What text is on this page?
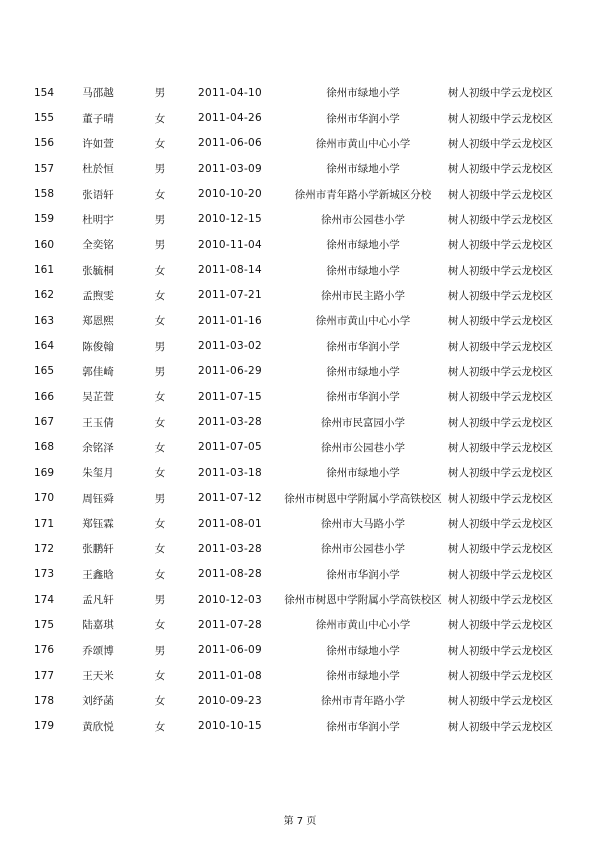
154	马邵越	男	2011-04-10	徐州市绿地小学	树人初级中学云龙校区
155	董子晴	女	2011-04-26	徐州市华润小学	树人初级中学云龙校区
156	许如萱	女	2011-06-06	徐州市黄山中心小学	树人初级中学云龙校区
157	杜於恒	男	2011-03-09	徐州市绿地小学	树人初级中学云龙校区
158	张语轩	女	2010-10-20	徐州市青年路小学新城区分校	树人初级中学云龙校区
159	杜明宇	男	2010-12-15	徐州市公园巷小学	树人初级中学云龙校区
160	全奕铭	男	2010-11-04	徐州市绿地小学	树人初级中学云龙校区
161	张毓桐	女	2011-08-14	徐州市绿地小学	树人初级中学云龙校区
162	孟煦雯	女	2011-07-21	徐州市民主路小学	树人初级中学云龙校区
163	郑恩熙	女	2011-01-16	徐州市黄山中心小学	树人初级中学云龙校区
164	陈俊翰	男	2011-03-02	徐州市华润小学	树人初级中学云龙校区
165	郭佳崎	男	2011-06-29	徐州市绿地小学	树人初级中学云龙校区
166	吴芷萱	女	2011-07-15	徐州市华润小学	树人初级中学云龙校区
167	王玉倩	女	2011-03-28	徐州市民富园小学	树人初级中学云龙校区
168	余铭泽	女	2011-07-05	徐州市公园巷小学	树人初级中学云龙校区
169	朱玺月	女	2011-03-18	徐州市绿地小学	树人初级中学云龙校区
170	周钰舜	男	2011-07-12	徐州市树恩中学附属小学高铁校区	树人初级中学云龙校区
171	郑钰霖	女	2011-08-01	徐州市大马路小学	树人初级中学云龙校区
172	张鹏轩	女	2011-03-28	徐州市公园巷小学	树人初级中学云龙校区
173	王鑫晗	女	2011-08-28	徐州市华润小学	树人初级中学云龙校区
174	孟凡轩	男	2010-12-03	徐州市树恩中学附属小学高铁校区	树人初级中学云龙校区
175	陆嘉琪	女	2011-07-28	徐州市黄山中心小学	树人初级中学云龙校区
176	乔颂博	男	2011-06-09	徐州市绿地小学	树人初级中学云龙校区
177	王天米	女	2011-01-08	徐州市绿地小学	树人初级中学云龙校区
178	刘纾菡	女	2010-09-23	徐州市青年路小学	树人初级中学云龙校区
179	黄欣悦	女	2010-10-15	徐州市华润小学	树人初级中学云龙校区
第 7 页
